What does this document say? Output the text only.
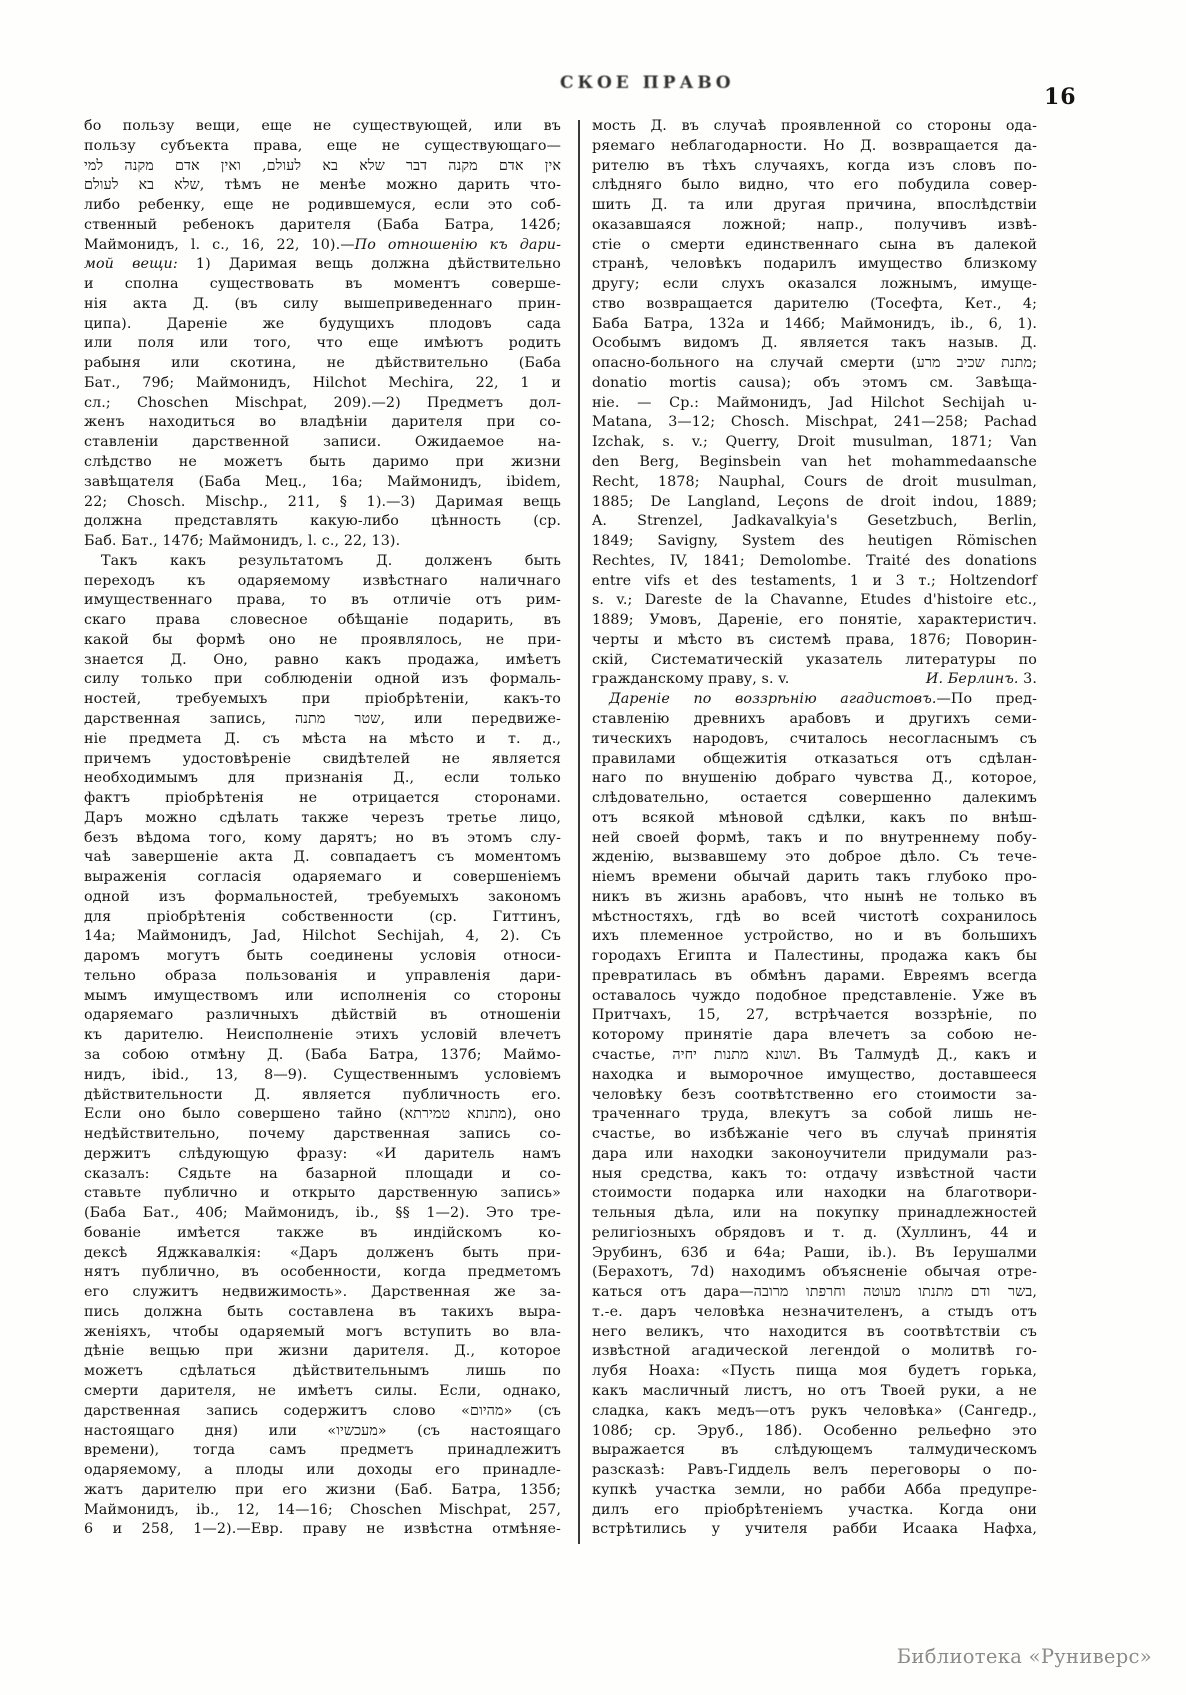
СКОЕ ПРАВО
16
бо пользу вещи, еще не существующей, или въ
пользу субъекта права, еще не существующаго—
אין אדם מקנה דבר שלא בא לעולם, ואין אדם מקנה למי
שלא בא לעולם, тѣмъ не менѣе можно дарить что-
либо ребенку, еще не родившемуся, если это соб-
ственный ребенокъ дарителя (Баба Батра, 142б;
Маймонидъ, l. c., 16, 22, 10).—По отношенію къ дари-
мой вещи: 1) Даримая вещь должна дѣйствительно
и сполна существовать въ моментъ соверше-
нія акта Д. (въ силу вышеприведеннаго прин-
ципа). Дареніе же будущихъ плодовъ сада
или поля или того, что еще имѣютъ родить
рабыня или скотина, не дѣйствительно (Баба
Бат., 79б; Маймонидъ, Hilchot Mechira, 22, 1 и
сл.; Choschen Mischpat, 209).—2) Предметъ дол-
женъ находиться во владѣніи дарителя при со-
ставленіи дарственной записи. Ожидаемое на-
слѣдство не можетъ быть даримо при жизни
завѣщателя (Баба Мец., 16а; Маймонидъ, ibidem,
22; Chosch. Mischp., 211, § 1).—3) Даримая вещь
должна представлять какую-либо цѣнность (ср.
Баб. Бат., 147б; Маймонидъ, l. c., 22, 13).
Такъ какъ результатомъ Д. долженъ быть
переходъ къ одаряемому извѣстнаго наличнаго
имущественнаго права, то въ отличіе отъ рим-
скаго права словесное обѣщаніе подарить, въ
какой бы формѣ оно не проявлялось, не при-
знается Д. Оно, равно какъ продажа, имѣетъ
силу только при соблюденіи одной изъ формаль-
ностей, требуемыхъ при пріобрѣтеніи, какъ-то
дарственная запись, שטר מתנה, или передвиже-
ніе предмета Д. съ мѣста на мѣсто и т. д.,
причемъ удостовѣреніе свидѣтелей не является
необходимымъ для признанія Д., если только
фактъ пріобрѣтенія не отрицается сторонами.
Даръ можно сдѣлать также черезъ третье лицо,
безъ вѣдома того, кому дарятъ; но въ этомъ слу-
чаѣ завершеніе акта Д. совпадаетъ съ моментомъ
выраженія согласія одаряемаго и совершеніемъ
одной изъ формальностей, требуемыхъ закономъ
для пріобрѣтенія собственности (ср. Гиттинъ,
14а; Маймонидъ, Jad, Hilchot Sechijah, 4, 2). Съ
даромъ могутъ быть соединены условія относи-
тельно образа пользованія и управленія дари-
мымъ имуществомъ или исполненія со стороны
одаряемаго различныхъ дѣйствій въ отношеніи
къ дарителю. Неисполненіе этихъ условій влечетъ
за собою отмѣну Д. (Баба Батра, 137б; Маймо-
нидъ, ibid., 13, 8—9). Существеннымъ условіемъ
дѣйствительности Д. является публичность его.
Если оно было совершено тайно (מתנתא טמירתא), оно
недѣйствительно, почему дарственная запись со-
держитъ слѣдующую фразу: «И даритель намъ
сказалъ: Сядьте на базарной площади и со-
ставьте публично и открыто дарственную запись»
(Баба Бат., 40б; Маймонидъ, ib., §§ 1—2). Это тре-
бованіе имѣется также въ индійскомъ ко-
дексѣ Яджкавалкія: «Даръ долженъ быть при-
нятъ публично, въ особенности, когда предметомъ
его служитъ недвижимость». Дарственная же за-
пись должна быть составлена въ такихъ выра-
женіяхъ, чтобы одаряемый могъ вступить во вла-
дѣніе вещью при жизни дарителя. Д., которое
можетъ сдѣлаться дѣйствительнымъ лишь по
смерти дарителя, не имѣетъ силы. Если, однако,
дарственная запись содержитъ слово «מהיום» (съ
настоящаго дня) или «מעכשיו» (съ настоящаго
времени), тогда самъ предметъ принадлежитъ
одаряемому, а плоды или доходы его принадле-
жатъ дарителю при его жизни (Баб. Батра, 135б;
Маймонидъ, ib., 12, 14—16; Choschen Mischpat, 257,
6 и 258, 1—2).—Евр. праву не извѣстна отмѣняе-
мость Д. въ случаѣ проявленной со стороны ода-
ряемаго неблагодарности. Но Д. возвращается да-
рителю въ тѣхъ случаяхъ, когда изъ словъ по-
слѣдняго было видно, что его побудила совер-
шить Д. та или другая причина, впослѣдствіи
оказавшаяся ложной; напр., получивъ извѣ-
стіе о смерти единственнаго сына въ далекой
странѣ, человѣкъ подарилъ имущество близкому
другу; если слухъ оказался ложнымъ, имуще-
ство возвращается дарителю (Тосефта, Кет., 4;
Баба Батра, 132а и 146б; Маймонидъ, ib., 6, 1).
Особымъ видомъ Д. является такъ назыв. Д.
опасно-больного на случай смерти (מתנת שכיב מרע;
donatio mortis causa); объ этомъ см. Завѣща-
ніе. — Ср.: Маймонидъ, Jad Hilchot Sechijah u-
Matana, 3—12; Chosch. Mischpat, 241—258; Pachad
Izchak, s. v.; Querry, Droit musulman, 1871; Van
den Berg, Beginsbein van het mohammedaansche
Recht, 1878; Nauphal, Cours de droit musulman,
1885; De Langland, Leçons de droit indou, 1889;
A. Strenzel, Jadkavalkyia's Gesetzbuch, Berlin,
1849; Savigny, System des heutigen Römischen
Rechtes, IV, 1841; Demolombe. Traité des donations
entre vifs et des testaments, 1 и 3 т.; Holtzendorf
s. v.; Dareste de la Chavanne, Etudes d'histoire etc.,
1889; Умовъ, Дареніе, его понятіе, характеристич.
черты и мѣсто въ системѣ права, 1876; Поворин-
скій, Систематическій указатель литературы по
гражданскому праву, s. v.	И. Берлинъ. 3.
Дареніе по воззрѣнію агадистовъ.—По пред-
ставленію древнихъ арабовъ и другихъ семи-
тическихъ народовъ, считалось несогласнымъ съ
правилами общежитія отказаться отъ сдѣлан-
наго по внушенію добраго чувства Д., которое,
слѣдовательно, остается совершенно далекимъ
отъ всякой мѣновой сдѣлки, какъ по внѣш-
ней своей формѣ, такъ и по внутреннему побу-
жденію, вызвавшему это доброе дѣло. Съ тече-
ніемъ времени обычай дарить такъ глубоко про-
никъ въ жизнь арабовъ, что нынѣ не только въ
мѣстностяхъ, гдѣ во всей чистотѣ сохранилось
ихъ племенное устройство, но и въ большихъ
городахъ Египта и Палестины, продажа какъ бы
превратилась въ обмѣнъ дарами. Евреямъ всегда
оставалось чуждо подобное представленіе. Уже въ
Притчахъ, 15, 27, встрѣчается воззрѣніе, по
которому принятіе дара влечетъ за собою не-
счастье, ושונא מתנות יחיה. Въ Талмудѣ Д., какъ и
находка и выморочное имущество, доставшееся
человѣку безъ соотвѣтственно его стоимости за-
траченнаго труда, влекутъ за собой лишь не-
счастье, во избѣжаніе чего въ случаѣ принятія
дара или находки законоучители придумали раз-
ныя средства, какъ то: отдачу извѣстной части
стоимости подарка или находки на благотвори-
тельныя дѣла, или на покупку принадлежностей
религіозныхъ обрядовъ и т. д. (Хуллинъ, 44 и
Эрубинъ, 63б и 64а; Раши, ib.). Въ Іерушалми
(Берахотъ, 7d) находимъ объясненіе обычая отре-
каться отъ дара—בשר ודם מתנתו מעוטה וחרפתו מרובה,
т.-е. даръ человѣка незначителенъ, а стыдъ отъ
него великъ, что находится въ соотвѣтствіи съ
извѣстной агадической легендой о молитвѣ го-
лубя Ноаха: «Пусть пища моя будетъ горька,
какъ масличный листъ, но отъ Твоей руки, а не
сладка, какъ медъ—отъ рукъ человѣка» (Сангедр.,
108б; ср. Эруб., 18б). Особенно рельефно это
выражается въ слѣдующемъ талмудическомъ
разсказѣ: Равъ-Гиддель велъ переговоры о по-
купкѣ участка земли, но рабби Абба предупре-
дилъ его пріобрѣтеніемъ участка. Когда они
встрѣтились у учителя рабби Исаака Нафха,
Библиотека «Руниверс»
